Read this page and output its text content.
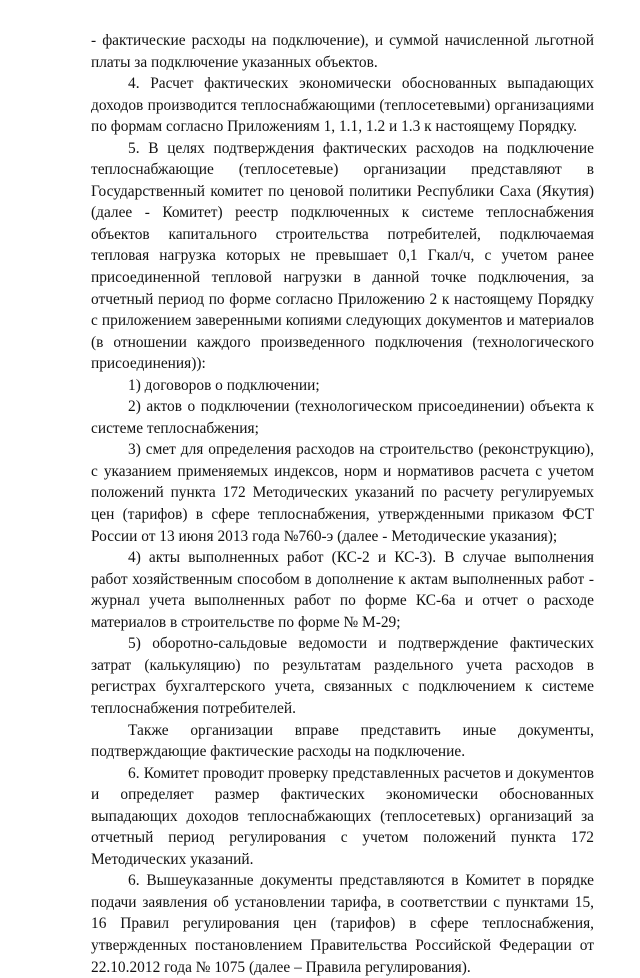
- фактические расходы на подключение), и суммой начисленной льготной платы за подключение указанных объектов.

4. Расчет фактических экономически обоснованных выпадающих доходов производится теплоснабжающими (теплосетевыми) организациями по формам согласно Приложениям 1, 1.1, 1.2 и 1.3 к настоящему Порядку.

5. В целях подтверждения фактических расходов на подключение теплоснабжающие (теплосетевые) организации представляют в Государственный комитет по ценовой политики Республики Саха (Якутия) (далее - Комитет) реестр подключенных к системе теплоснабжения объектов капитального строительства потребителей, подключаемая тепловая нагрузка которых не превышает 0,1 Гкал/ч, с учетом ранее присоединенной тепловой нагрузки в данной точке подключения, за отчетный период по форме согласно Приложению 2 к настоящему Порядку с приложением заверенными копиями следующих документов и материалов (в отношении каждого произведенного подключения (технологического присоединения)):

1) договоров о подключении;

2) актов о подключении (технологическом присоединении) объекта к системе теплоснабжения;

3) смет для определения расходов на строительство (реконструкцию), с указанием применяемых индексов, норм и нормативов расчета с учетом положений пункта 172 Методических указаний по расчету регулируемых цен (тарифов) в сфере теплоснабжения, утвержденными приказом ФСТ России от 13 июня 2013 года №760-э (далее - Методические указания);

4) акты выполненных работ (КС-2 и КС-3). В случае выполнения работ хозяйственным способом в дополнение к актам выполненных работ - журнал учета выполненных работ по форме КС-6а и отчет о расходе материалов в строительстве по форме № М-29;

5) оборотно-сальдовые ведомости и подтверждение фактических затрат (калькуляцию) по результатам раздельного учета расходов в регистрах бухгалтерского учета, связанных с подключением к системе теплоснабжения потребителей.

Также организации вправе представить иные документы, подтверждающие фактические расходы на подключение.

6. Комитет проводит проверку представленных расчетов и документов и определяет размер фактических экономически обоснованных выпадающих доходов теплоснабжающих (теплосетевых) организаций за отчетный период регулирования с учетом положений пункта 172 Методических указаний.

6. Вышеуказанные документы представляются в Комитет в порядке подачи заявления об установлении тарифа, в соответствии с пунктами 15, 16 Правил регулирования цен (тарифов) в сфере теплоснабжения, утвержденных постановлением Правительства Российской Федерации от 22.10.2012 года № 1075 (далее – Правила регулирования).
